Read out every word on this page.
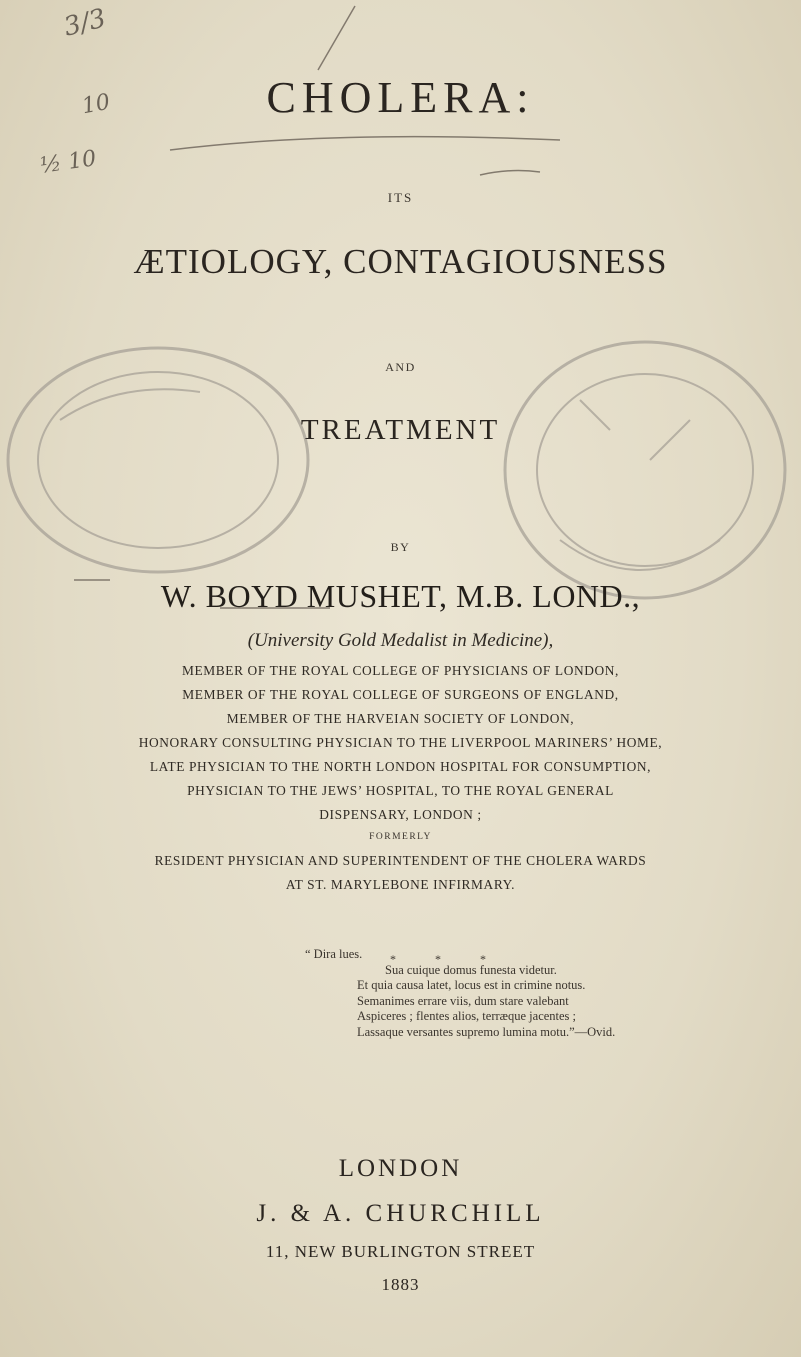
3/3
10
½ 10
CHOLERA:
ITS
ÆTIOLOGY, CONTAGIOUSNESS
AND
TREATMENT
BY
W. BOYD MUSHET, M.B. LOND.,
(University Gold Medalist in Medicine),
MEMBER OF THE ROYAL COLLEGE OF PHYSICIANS OF LONDON,
MEMBER OF THE ROYAL COLLEGE OF SURGEONS OF ENGLAND,
MEMBER OF THE HARVEIAN SOCIETY OF LONDON,
HONORARY CONSULTING PHYSICIAN TO THE LIVERPOOL MARINERS’ HOME,
LATE PHYSICIAN TO THE NORTH LONDON HOSPITAL FOR CONSUMPTION,
PHYSICIAN TO THE JEWS’ HOSPITAL, TO THE ROYAL GENERAL
DISPENSARY, LONDON ;
FORMERLY
RESIDENT PHYSICIAN AND SUPERINTENDENT OF THE CHOLERA WARDS
AT ST. MARYLEBONE INFIRMARY.
* * *
“ Dira lues.
Sua cuique domus funesta videtur.
Et quia causa latet, locus est in crimine notus.
Semanimes errare viis, dum stare valebant
Aspiceres ; flentes alios, terræque jacentes ;
Lassaque versantes supremo lumina motu.”—Ovid.
LONDON
J. & A. CHURCHILL
11, NEW BURLINGTON STREET
1883
